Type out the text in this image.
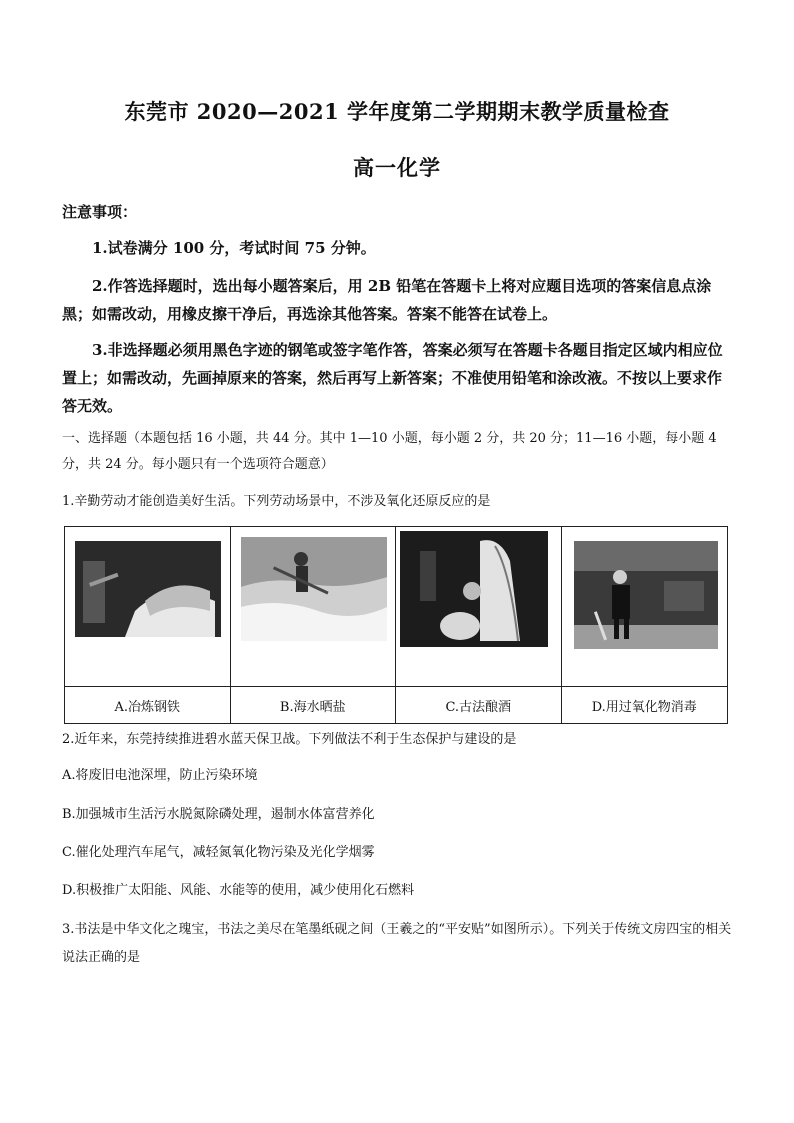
东莞市 2020—2021 学年度第二学期期末教学质量检查
高一化学
注意事项：
1.试卷满分 100 分，考试时间 75 分钟。
2.作答选择题时，选出每小题答案后，用 2B 铅笔在答题卡上将对应题目选项的答案信息点涂黑；如需改动，用橡皮擦干净后，再选涂其他答案。答案不能答在试卷上。
3.非选择题必须用黑色字迹的钢笔或签字笔作答，答案必须写在答题卡各题目指定区域内相应位置上；如需改动，先画掉原来的答案，然后再写上新答案；不准使用铅笔和涂改液。不按以上要求作答无效。
一、选择题（本题包括 16 小题，共 44 分。其中 1—10 小题，每小题 2 分，共 20 分；11—16 小题，每小题 4 分，共 24 分。每小题只有一个选项符合题意）
1.辛勤劳动才能创造美好生活。下列劳动场景中，不涉及氧化还原反应的是
A.冶炼钢铁	B.海水晒盐	C.古法酿酒	D.用过氧化物消毒
2.近年来，东莞持续推进碧水蓝天保卫战。下列做法不利于生态保护与建设的是
A.将废旧电池深埋，防止污染环境
B.加强城市生活污水脱氮除磷处理，遏制水体富营养化
C.催化处理汽车尾气，减轻氮氧化物污染及光化学烟雾
D.积极推广太阳能、风能、水能等的使用，减少使用化石燃料
3.书法是中华文化之瑰宝，书法之美尽在笔墨纸砚之间（王羲之的“平安贴”如图所示）。下列关于传统文房四宝的相关说法正确的是
